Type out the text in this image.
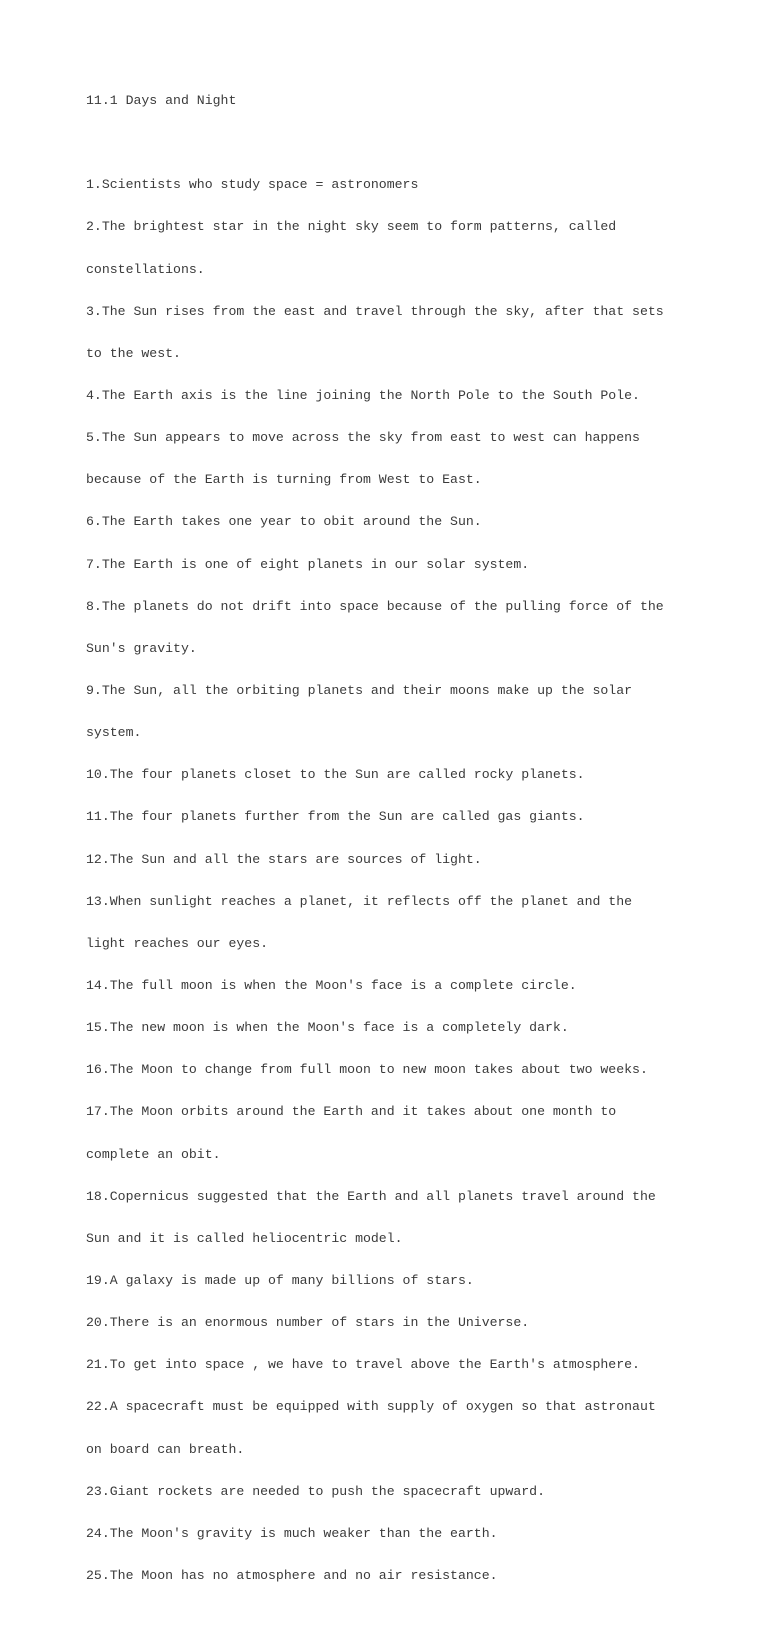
11.1 Days and Night

1.Scientists who study space = astronomers

2.The brightest star in the night sky seem to form patterns, called

constellations.

3.The Sun rises from the east and travel through the sky, after that sets

to the west.

4.The Earth axis is the line joining the North Pole to the South Pole.

5.The Sun appears to move across the sky from east to west can happens

because of the Earth is turning from West to East.

6.The Earth takes one year to obit around the Sun.

7.The Earth is one of eight planets in our solar system.

8.The planets do not drift into space because of the pulling force of the

Sun's gravity.

9.The Sun, all the orbiting planets and their moons make up the solar

system.

10.The four planets closet to the Sun are called rocky planets.

11.The four planets further from the Sun are called gas giants.

12.The Sun and all the stars are sources of light.

13.When sunlight reaches a planet, it reflects off the planet and the

light reaches our eyes.

14.The full moon is when the Moon's face is a complete circle.

15.The new moon is when the Moon's face is a completely dark.

16.The Moon to change from full moon to new moon takes about two weeks.

17.The Moon orbits around the Earth and it takes about one month to

complete an obit.

18.Copernicus suggested that the Earth and all planets travel around the

Sun and it is called heliocentric model.

19.A galaxy is made up of many billions of stars.

20.There is an enormous number of stars in the Universe.

21.To get into space , we have to travel above the Earth's atmosphere.

22.A spacecraft must be equipped with supply of oxygen so that astronaut

on board can breath.

23.Giant rockets are needed to push the spacecraft upward.

24.The Moon's gravity is much weaker than the earth.

25.The Moon has no atmosphere and no air resistance.
